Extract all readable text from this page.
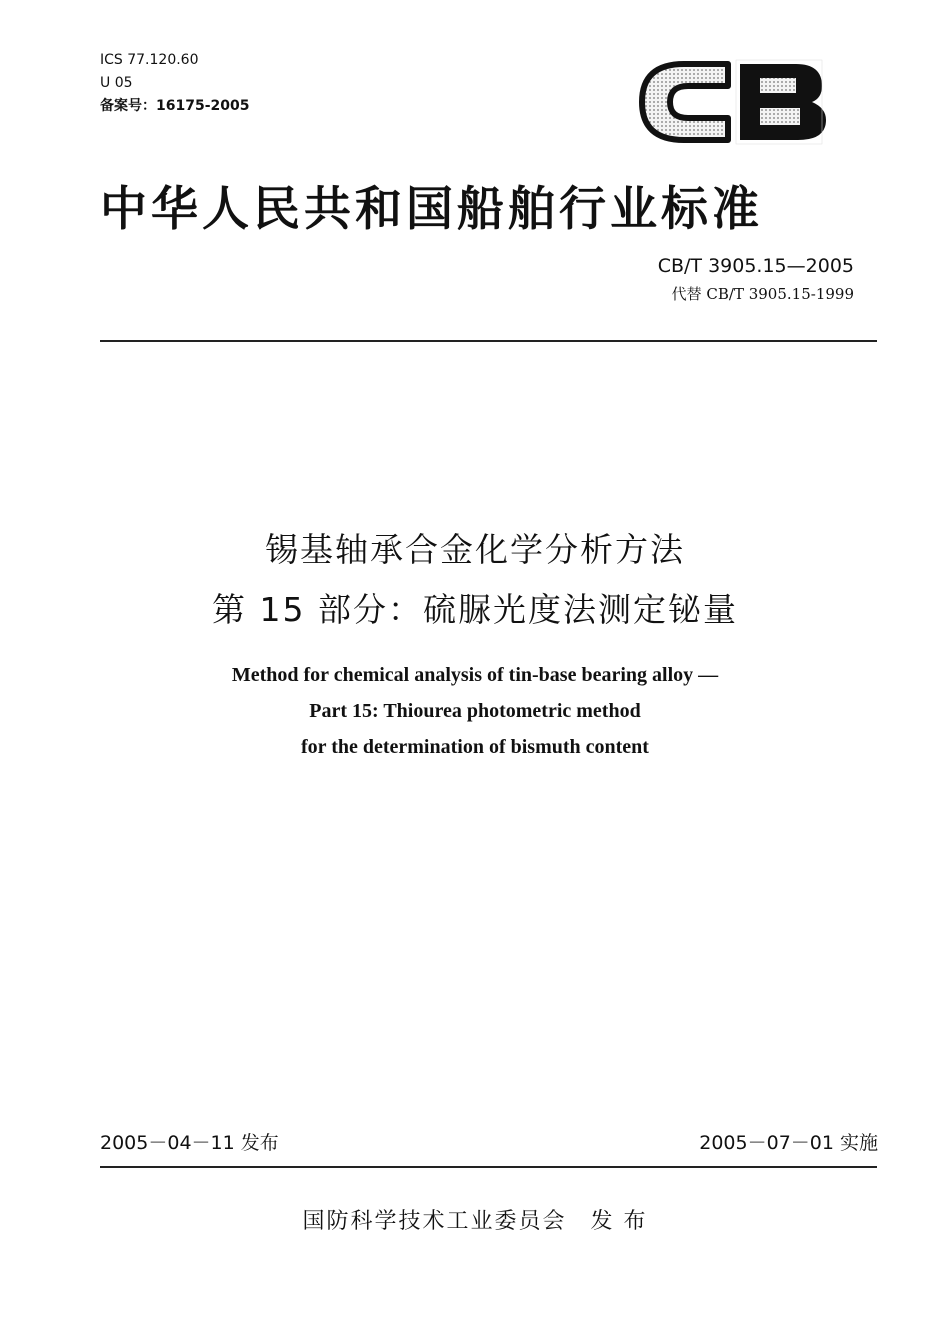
ICS 77.120.60
U 05
备案号：16175-2005
中华人民共和国船舶行业标准
CB/T 3905.15—2005
代替 CB/T 3905.15-1999
锡基轴承合金化学分析方法
第 15 部分：硫脲光度法测定铋量
Method for chemical analysis of tin-base bearing alloy —
Part 15: Thiourea photometric method
for the determination of bismuth content
2005－04－11 发布	2005－07－01 实施
国防科学技术工业委员会 发 布
